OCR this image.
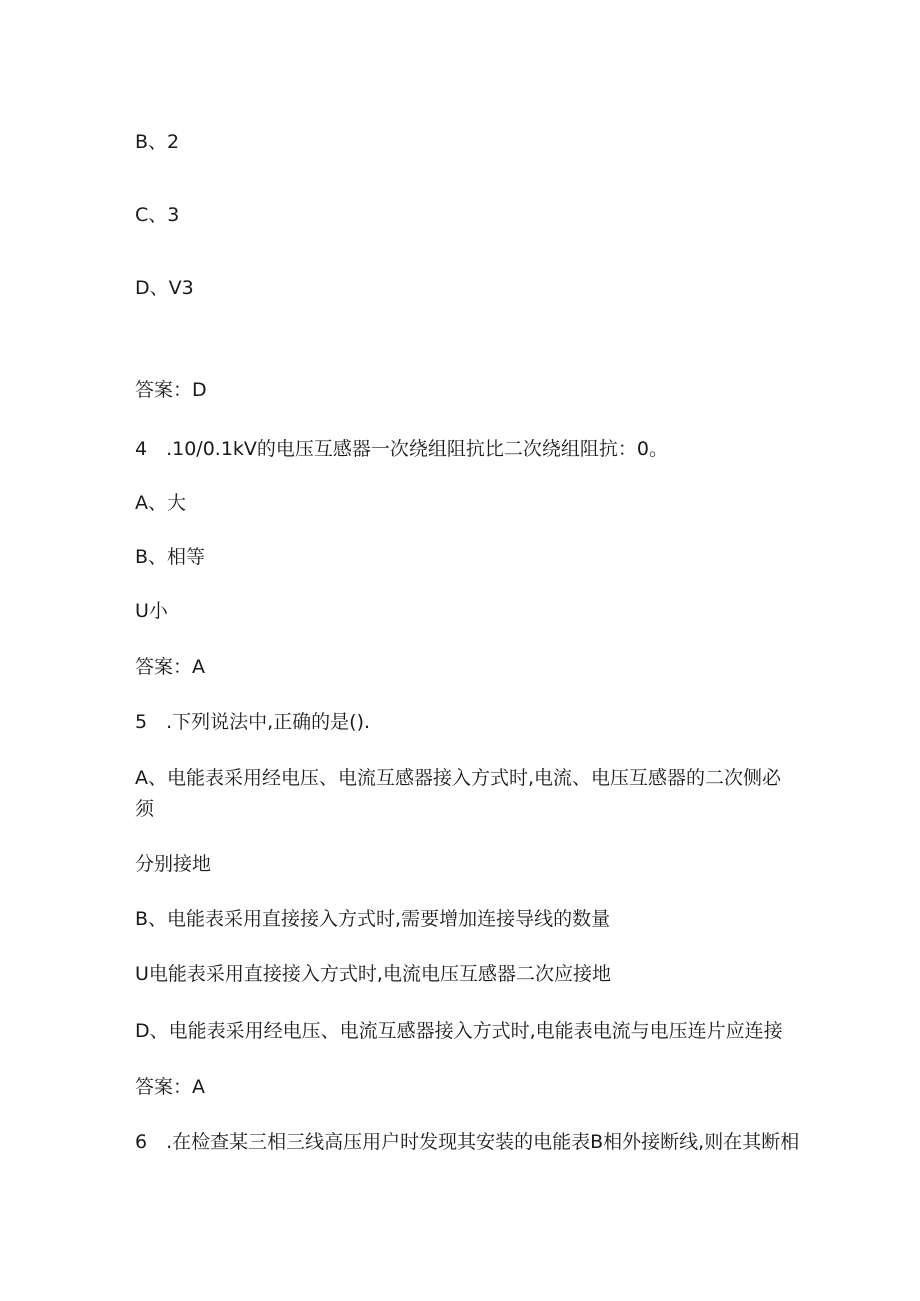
B、2
C、3
D、V3
答案：D
4　.10∕0.1kV的电压互感器一次绕组阻抗比二次绕组阻抗：0。
A、大
B、相等
U小
答案：A
5　.下列说法中,正确的是().
A、电能表采用经电压、电流互感器接入方式时,电流、电压互感器的二次侧必
须
分别接地
B、电能表采用直接接入方式时,需要增加连接导线的数量
U电能表采用直接接入方式时,电流电压互感器二次应接地
D、电能表采用经电压、电流互感器接入方式时,电能表电流与电压连片应连接
答案：A
6　.在检查某三相三线高压用户时发现其安装的电能表B相外接断线,则在其断相
